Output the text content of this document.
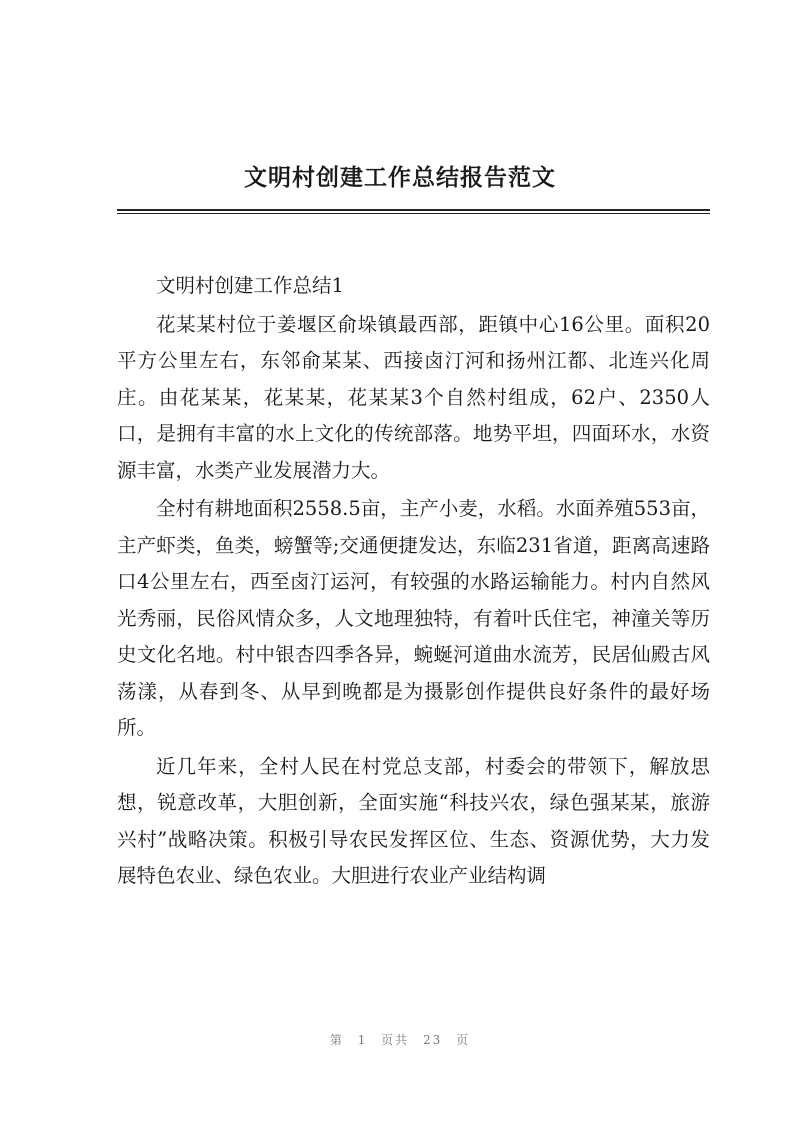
文明村创建工作总结报告范文

文明村创建工作总结1

花某某村位于姜堰区俞垛镇最西部，距镇中心16公里。面积20平方公里左右，东邻俞某某、西接卤汀河和扬州江都、北连兴化周庄。由花某某，花某某，花某某3个自然村组成，62户、2350人口，是拥有丰富的水上文化的传统部落。地势平坦，四面环水，水资源丰富，水类产业发展潜力大。

全村有耕地面积2558.5亩，主产小麦，水稻。水面养殖553亩，主产虾类，鱼类，螃蟹等;交通便捷发达，东临231省道，距离高速路口4公里左右，西至卤汀运河，有较强的水路运输能力。村内自然风光秀丽，民俗风情众多，人文地理独特，有着叶氏住宅，神潼关等历史文化名地。村中银杏四季各异，蜿蜒河道曲水流芳，民居仙殿古风荡漾，从春到冬、从早到晚都是为摄影创作提供良好条件的最好场所。

近几年来，全村人民在村党总支部，村委会的带领下，解放思想，锐意改革，大胆创新，全面实施“科技兴农，绿色强某某，旅游兴村”战略决策。积极引导农民发挥区位、生态、资源优势，大力发展特色农业、绿色农业。大胆进行农业产业结构调

第 1 页共 23 页
